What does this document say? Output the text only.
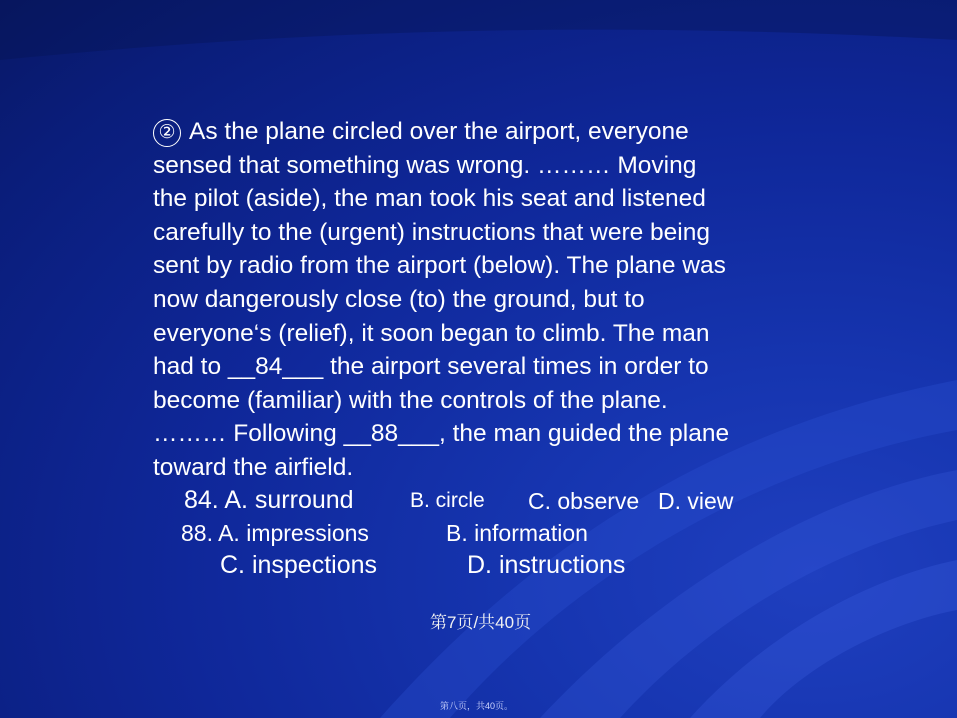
② As the plane circled over the airport, everyone
sensed that something was wrong. ……… Moving
the pilot (aside), the man took his seat and listened
carefully to the (urgent) instructions that were being
sent by radio from the airport (below). The plane was
now dangerously close (to) the ground, but to
everyone‘s (relief), it soon began to climb. The man
had to __84___ the airport several times in order to
become (familiar) with the controls of the plane.
……… Following __88___, the man guided the plane
toward the airfield.
84. A. surround	B. circle C. observe D. view
88. A. impressions	B. information
C. inspections	D. instructions
第7页/共40页
第八页，共40页。
